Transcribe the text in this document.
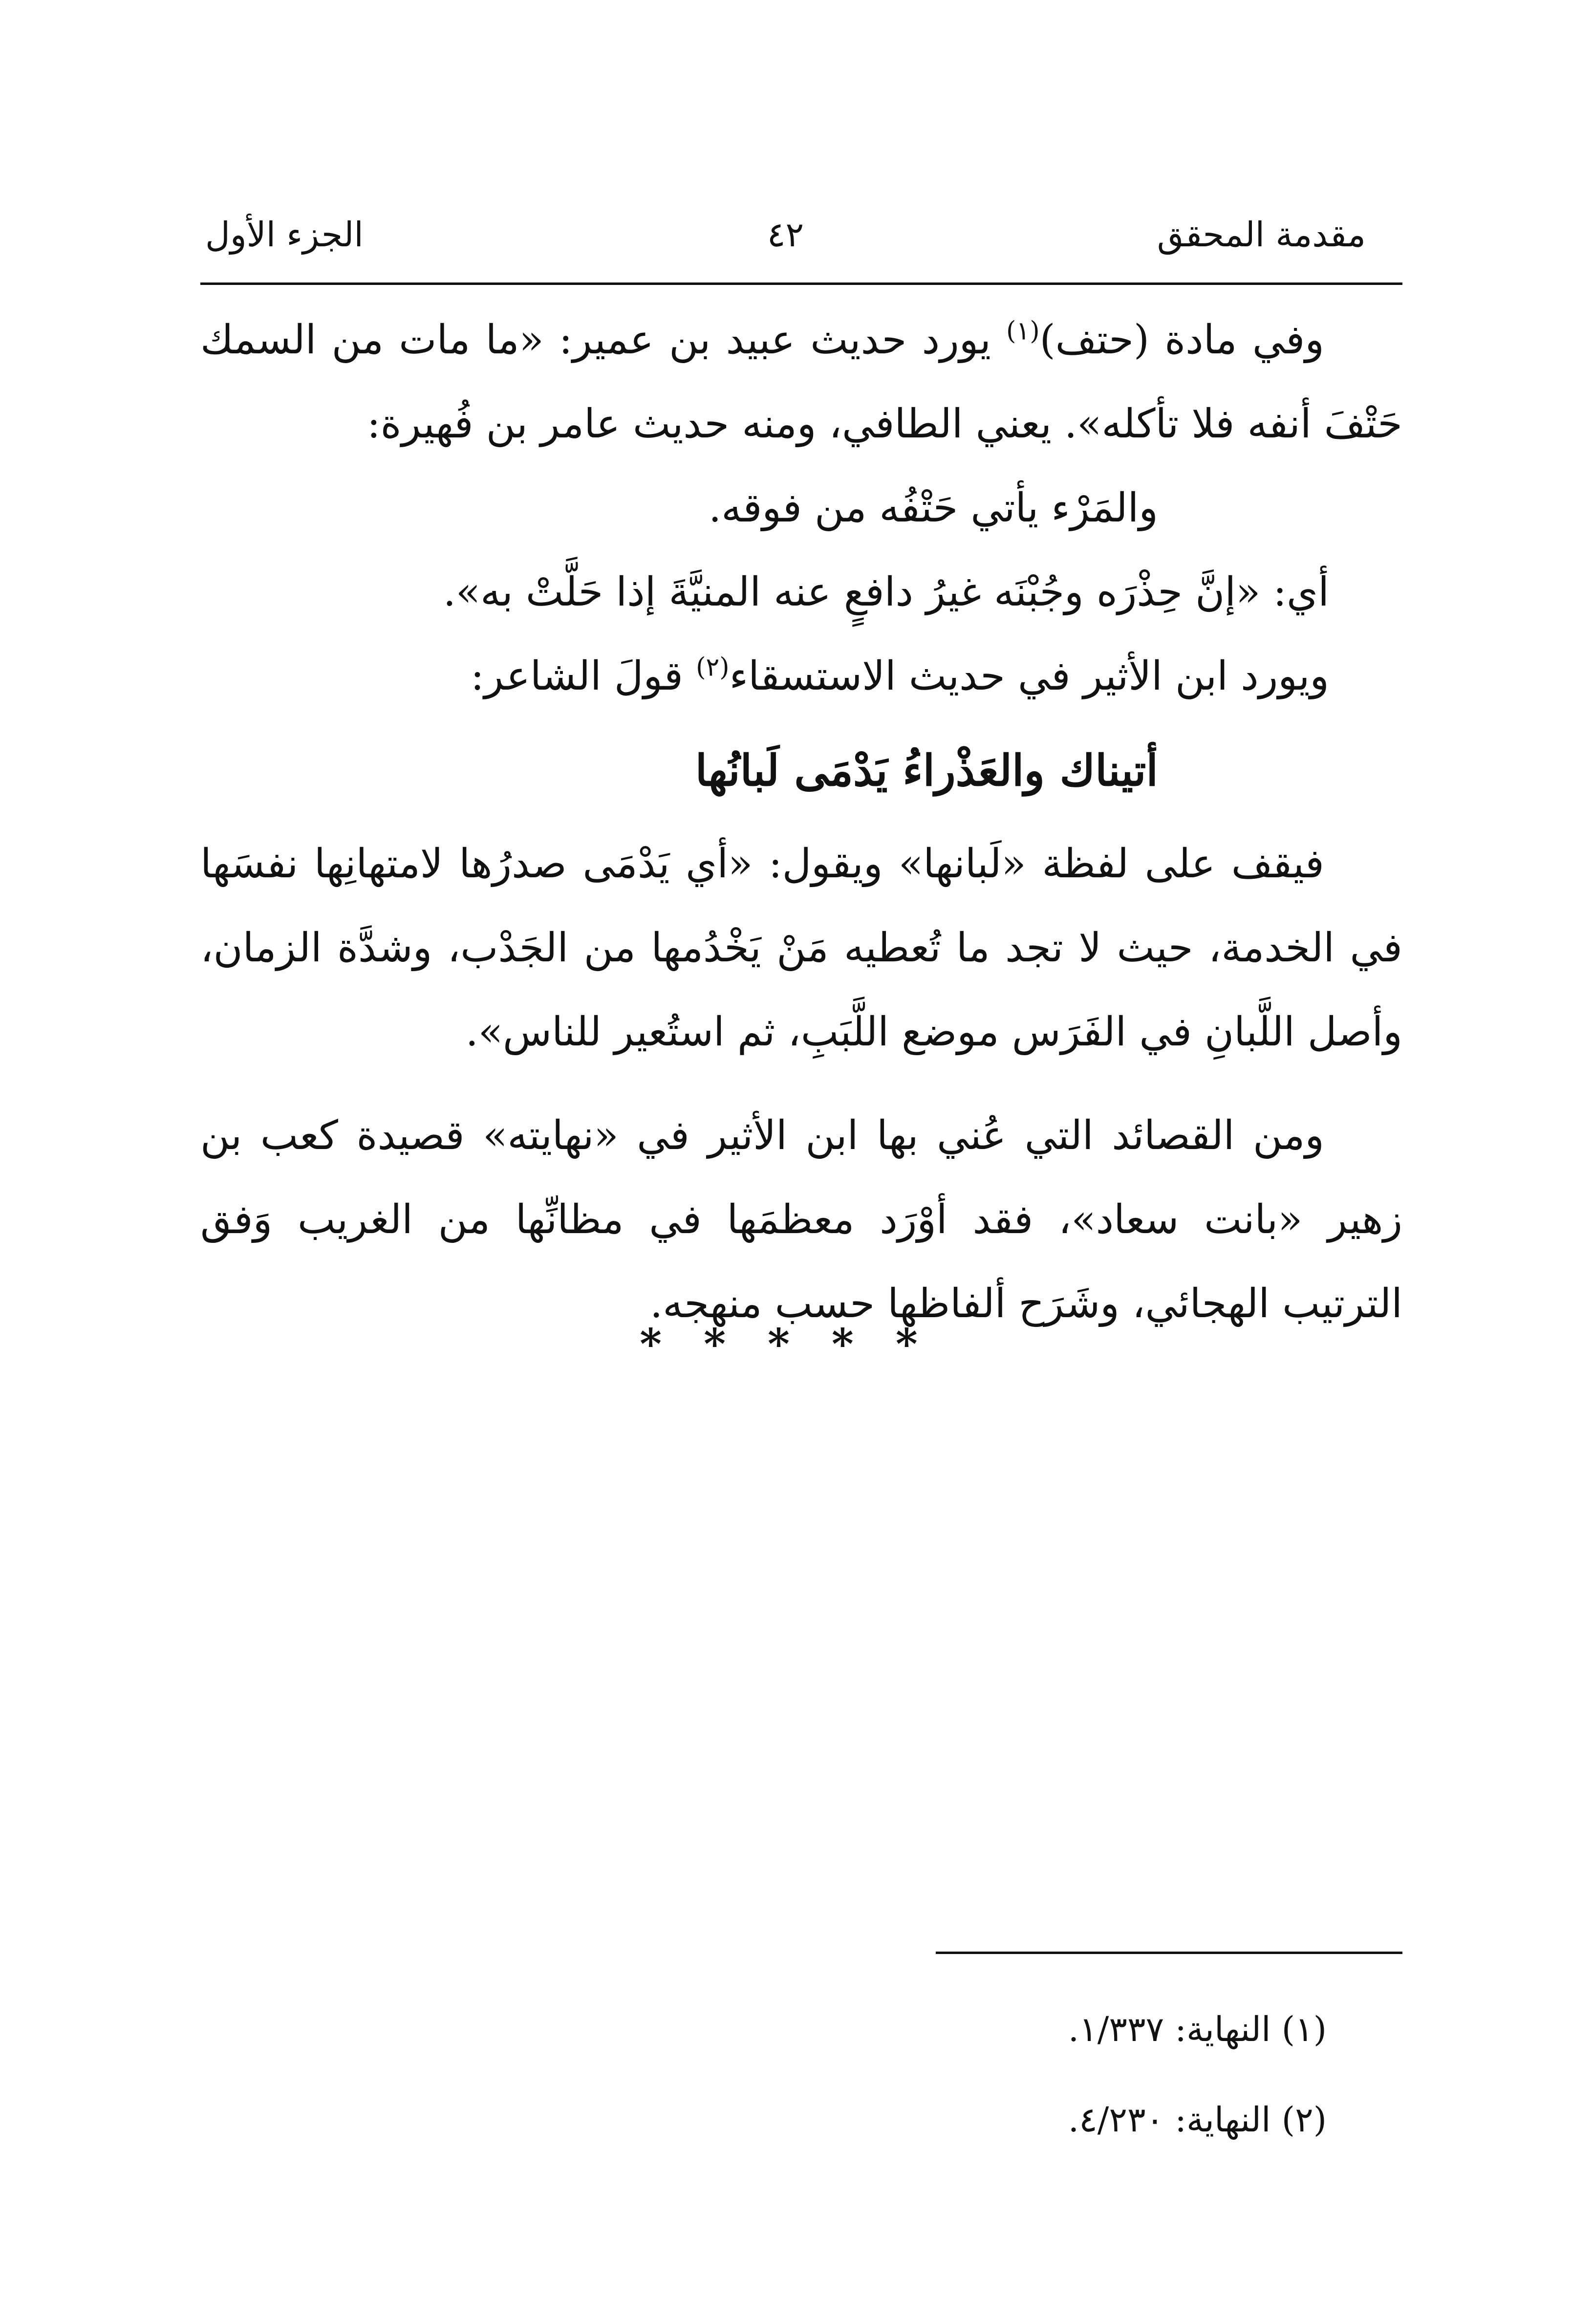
مقدمة المحقق
٤٢
الجزء الأول

وفي مادة (حتف)$^{(١)}$ يورد حديث عبيد بن عمير: «ما مات من السمك حَتْفَ أنفه فلا تأكله». يعني الطافي، ومنه حديث عامر بن فُهيرة:

والمَرْء يأتي حَتْفُه من فوقه.

أي: «إنَّ حِذْرَه وجُبْنَه غيرُ دافعٍ عنه المنيَّةَ إذا حَلَّتْ به».

ويورد ابن الأثير في حديث الاستسقاء$^{(٢)}$ قولَ الشاعر:

أتيناك والعَذْراءُ يَدْمَى لَبانُها

فيقف على لفظة «لَبانها» ويقول: «أي يَدْمَى صدرُها لامتهانِها نفسَها في الخدمة، حيث لا تجد ما تُعطيه مَنْ يَخْدُمها من الجَدْب، وشدَّة الزمان، وأصل اللَّبانِ في الفَرَس موضع اللَّبَبِ، ثم استُعير للناس».

ومن القصائد التي عُني بها ابن الأثير في «نهايته» قصيدة كعب بن زهير «بانت سعاد»، فقد أوْرَد معظمَها في مظانِّها من الغريب وَفق الترتيب الهجائي، وشَرَح ألفاظها حسب منهجه.

* * * * *

(١) النهاية: ١/٣٣٧.

(٢) النهاية: ٤/٢٣٠.
